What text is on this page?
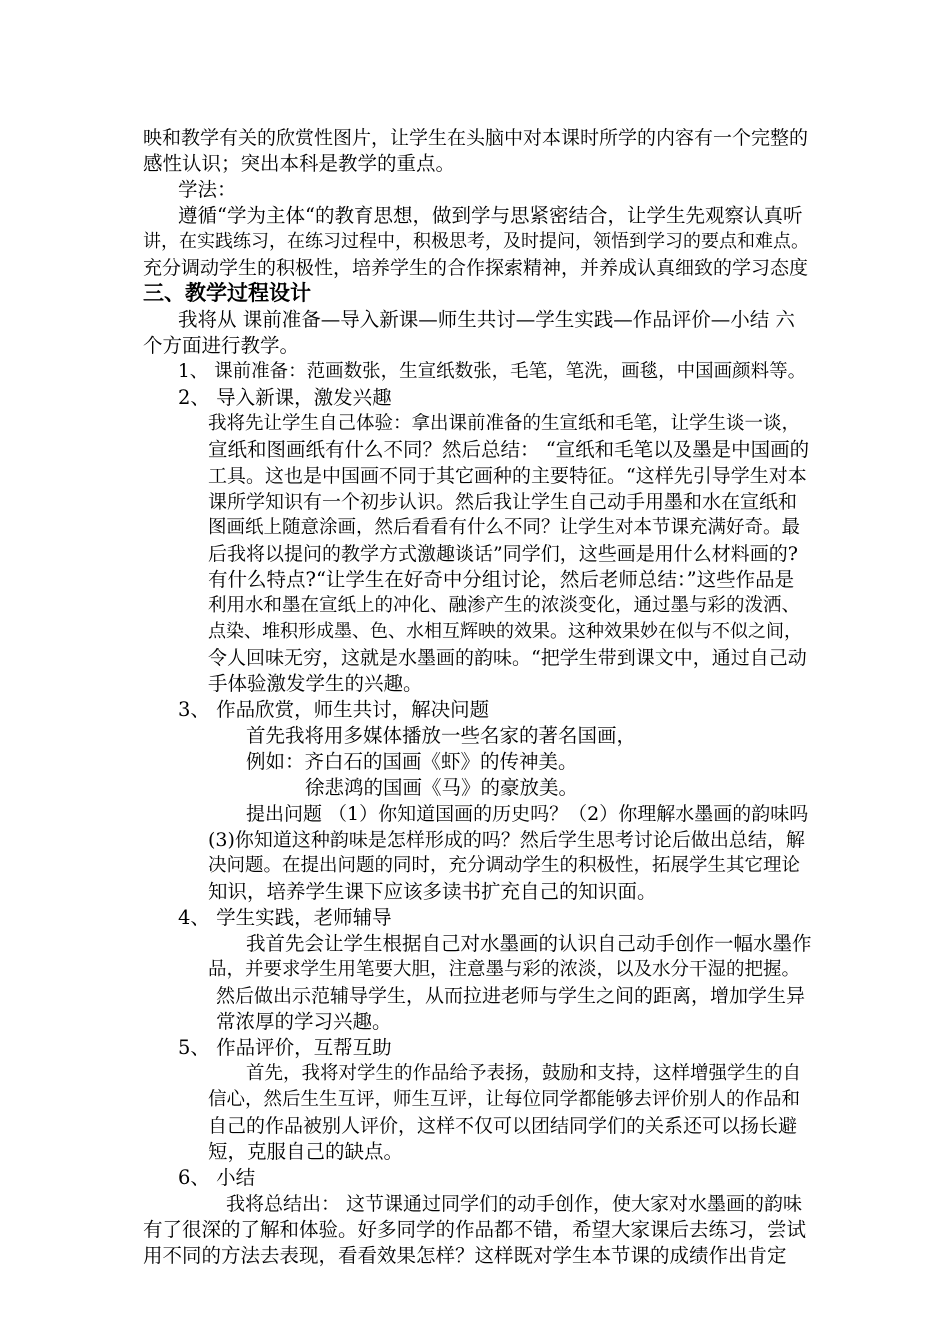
映和教学有关的欣赏性图片，让学生在头脑中对本课时所学的内容有一个完整的
感性认识；突出本科是教学的重点。
学法：
遵循“学为主体“的教育思想，做到学与思紧密结合，让学生先观察认真听
讲，在实践练习，在练习过程中，积极思考，及时提问，领悟到学习的要点和难点。
充分调动学生的积极性，培养学生的合作探索精神，并养成认真细致的学习态度
三、教学过程设计
我将从 课前准备—导入新课—师生共讨—学生实践—作品评价—小结 六
个方面进行教学。
1、 课前准备：范画数张，生宣纸数张，毛笔，笔洗，画毯，中国画颜料等。
2、 导入新课，激发兴趣
我将先让学生自己体验：拿出课前准备的生宣纸和毛笔，让学生谈一谈，
宣纸和图画纸有什么不同？然后总结： “宣纸和毛笔以及墨是中国画的
工具。这也是中国画不同于其它画种的主要特征。“这样先引导学生对本
课所学知识有一个初步认识。然后我让学生自己动手用墨和水在宣纸和
图画纸上随意涂画，然后看看有什么不同？让学生对本节课充满好奇。最
后我将以提问的教学方式激趣谈话”同学们，这些画是用什么材料画的?
有什么特点?“让学生在好奇中分组讨论，然后老师总结：”这些作品是
利用水和墨在宣纸上的冲化、融渗产生的浓淡变化，通过墨与彩的泼洒、
点染、堆积形成墨、色、水相互辉映的效果。这种效果妙在似与不似之间，
令人回味无穷，这就是水墨画的韵味。“把学生带到课文中，通过自己动
手体验激发学生的兴趣。
3、 作品欣赏，师生共讨，解决问题
首先我将用多媒体播放一些名家的著名国画，
例如：齐白石的国画《虾》的传神美。
徐悲鸿的国画《马》的豪放美。
提出问题 （1）你知道国画的历史吗？（2）你理解水墨画的韵味吗
(3)你知道这种韵味是怎样形成的吗？然后学生思考讨论后做出总结，解
决问题。在提出问题的同时，充分调动学生的积极性，拓展学生其它理论
知识，培养学生课下应该多读书扩充自己的知识面。
4、 学生实践，老师辅导
我首先会让学生根据自己对水墨画的认识自己动手创作一幅水墨作
品，并要求学生用笔要大胆，注意墨与彩的浓淡，以及水分干湿的把握。
然后做出示范辅导学生，从而拉进老师与学生之间的距离，增加学生异
常浓厚的学习兴趣。
5、 作品评价，互帮互助
首先，我将对学生的作品给予表扬，鼓励和支持，这样增强学生的自
信心，然后生生互评，师生互评，让每位同学都能够去评价别人的作品和
自己的作品被别人评价，这样不仅可以团结同学们的关系还可以扬长避
短，克服自己的缺点。
6、 小结
我将总结出： 这节课通过同学们的动手创作，使大家对水墨画的韵味
有了很深的了解和体验。好多同学的作品都不错，希望大家课后去练习，尝试
用不同的方法去表现，看看效果怎样？这样既对学生本节课的成绩作出肯定
